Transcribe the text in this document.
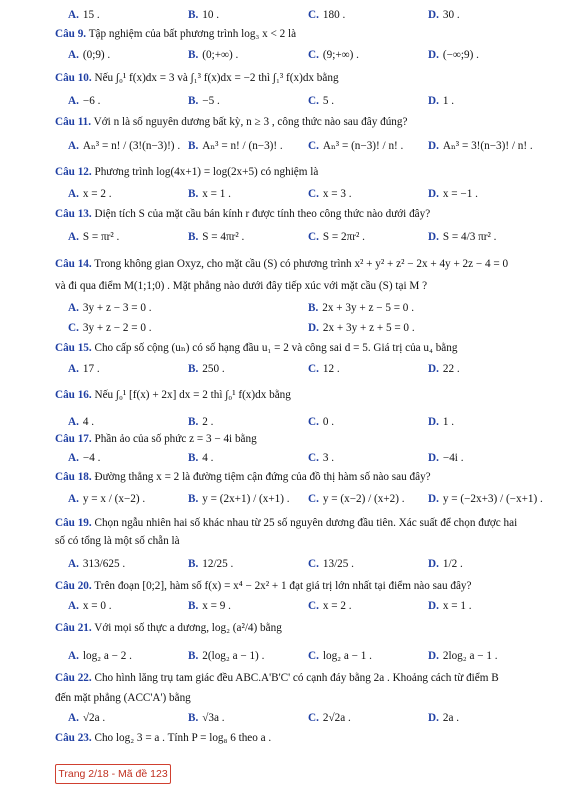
A. 15 .	B. 10 .	C. 180 .	D. 30 .
Câu 9. Tập nghiệm của bất phương trình log₃ x < 2 là
A. (0;9) .	B. (0;+∞) .	C. (9;+∞) .	D. (−∞;9) .
Câu 10. Nếu ∫₀¹ f(x)dx = 3 và ∫₁³ f(x)dx = −2 thì ∫₁³ f(x)dx bằng
A. −6 .	B. −5 .	C. 5 .	D. 1 .
Câu 11. Với n là số nguyên dương bất kỳ, n ≥ 3 , công thức nào sau đây đúng?
A. Aₙ³ = n! / (3!(n−3)!) . B. Aₙ³ = n! / (n−3)! . C. Aₙ³ = (n−3)! / n! . D. Aₙ³ = 3!(n−3)! / n! .
Câu 12. Phương trình log(4x+1) = log(2x+5) có nghiệm là
A. x = 2 .	B. x = 1 .	C. x = 3 .	D. x = −1 .
Câu 13. Diện tích S của mặt cầu bán kính r được tính theo công thức nào dưới đây?
A. S = πr² .	B. S = 4πr² .	C. S = 2πr² .	D. S = 4/3 πr² .
Câu 14. Trong không gian Oxyz, cho mặt cầu (S) có phương trình x² + y² + z² − 2x + 4y + 2z − 4 = 0
và đi qua điểm M(1;1;0) . Mặt phẳng nào dưới đây tiếp xúc với mặt cầu (S) tại M ?
A. 3y + z − 3 = 0 .	B. 2x + 3y + z − 5 = 0 .
C. 3y + z − 2 = 0 .	D. 2x + 3y + z + 5 = 0 .
Câu 15. Cho cấp số cộng (uₙ) có số hạng đầu u₁ = 2 và công sai d = 5. Giá trị của u₄ bằng
A. 17 .	B. 250 .	C. 12 .	D. 22 .
Câu 16. Nếu ∫₀¹ [f(x) + 2x] dx = 2 thì ∫₀¹ f(x)dx bằng
A. 4 .	B. 2 .	C. 0 .	D. 1 .
Câu 17. Phần ảo của số phức z = 3 − 4i bằng
A. −4 .	B. 4 .	C. 3 .	D. −4i .
Câu 18. Đường thẳng x = 2 là đường tiệm cận đứng của đồ thị hàm số nào sau đây?
A. y = x / (x−2) .	B. y = (2x+1) / (x+1) . C. y = (x−2) / (x+2) . D. y = (−2x+3) / (−x+1) .
Câu 19. Chọn ngẫu nhiên hai số khác nhau từ 25 số nguyên dương đầu tiên. Xác suất để chọn được hai
số có tổng là một số chẵn là
A. 313/625 .	B. 12/25 .	C. 13/25 .	D. 1/2 .
Câu 20. Trên đoạn [0;2], hàm số f(x) = x⁴ − 2x² + 1 đạt giá trị lớn nhất tại điểm nào sau đây?
A. x = 0 .	B. x = 9 .	C. x = 2 .	D. x = 1 .
Câu 21. Với mọi số thực a dương, log₂ (a²/4) bằng
A. log₂ a − 2 .	B. 2(log₂ a − 1) .	C. log₂ a − 1 .	D. 2log₂ a − 1 .
Câu 22. Cho hình lăng trụ tam giác đều ABC.A'B'C' có cạnh đáy bằng 2a . Khoảng cách từ điểm B
đến mặt phẳng (ACC'A') bằng
A. √2a .	B. √3a .	C. 2√2a .	D. 2a .
Câu 23. Cho log₂ 3 = a . Tính P = log₈ 6 theo a .
Trang 2/18 - Mã đề 123
